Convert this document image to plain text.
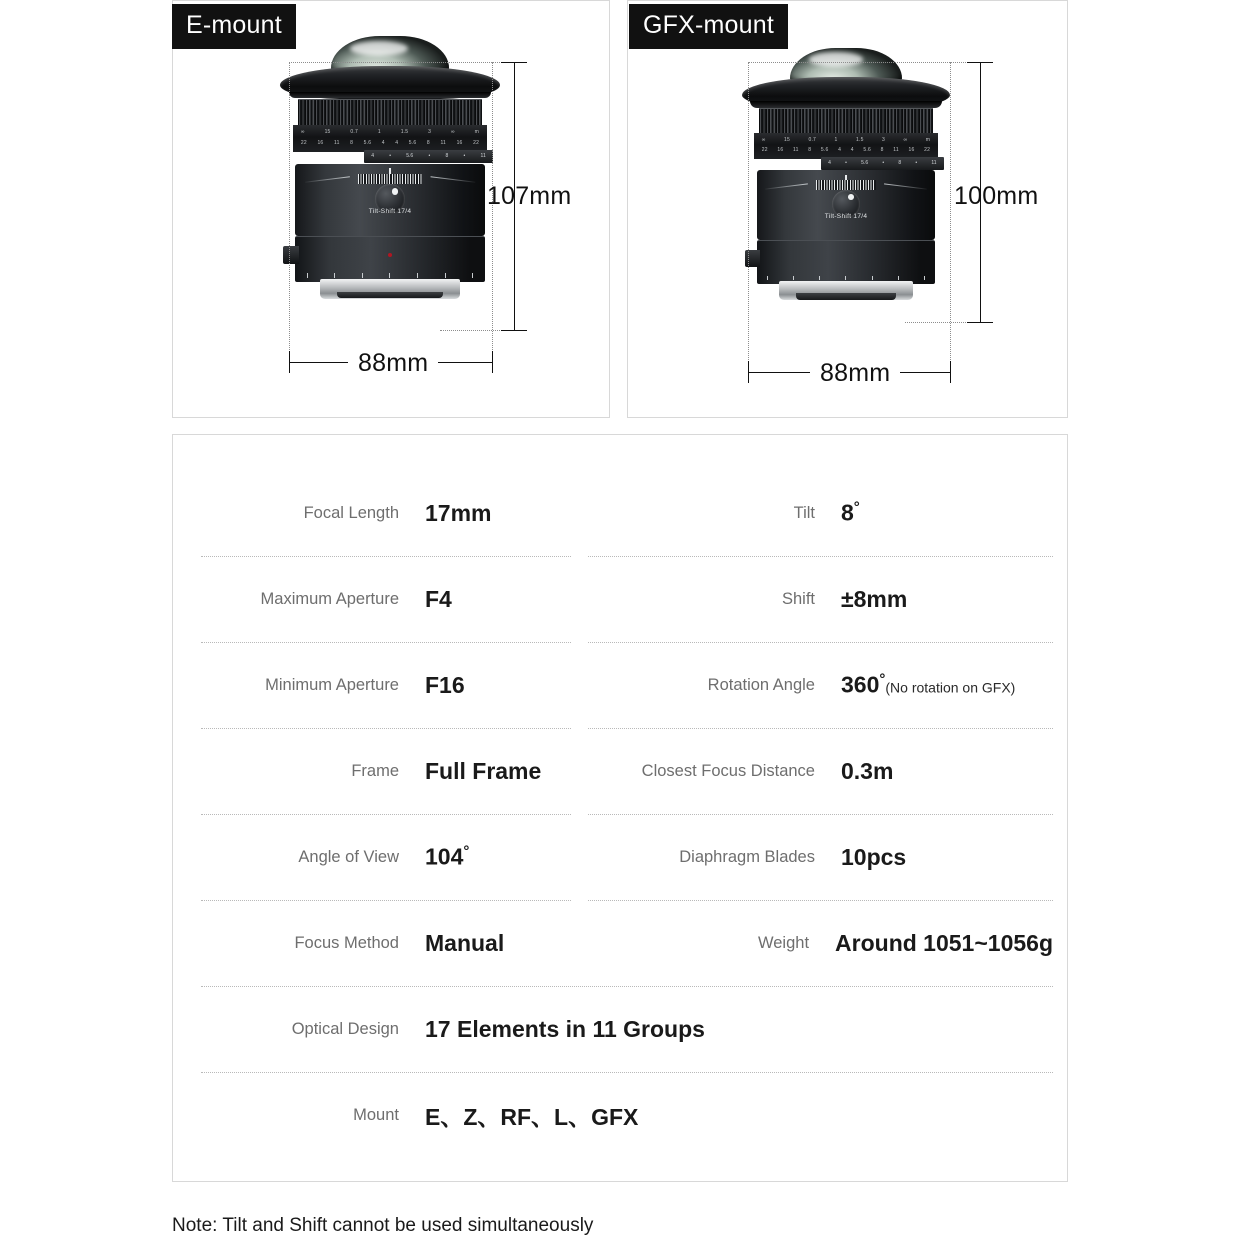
E-mount
∞	15	0.7	1	1.5	3	∞	m
22 16 11 8 5.6 4 4 5.6 8 11 16 22
4	•	5.6	•	8	•	11
Tilt-Shift 17/4
107mm
88mm
GFX-mount
∞	15	0.7	1	1.5	3	∞	m
22 16 11 8 5.6 4 4 5.6 8 11 16 22
4	•	5.6	•	8	•	11
Tilt-Shift 17/4
100mm
88mm
Focal Length 17mm	Tilt 8°
Maximum Aperture F4	Shift ±8mm
Minimum Aperture F16	Rotation Angle 360°(No rotation on GFX)
Frame Full Frame	Closest Focus Distance 0.3m
Angle of View 104°	Diaphragm Blades 10pcs
Focus Method Manual	Weight Around 1051~1056g
Optical Design 17 Elements in 11 Groups
Mount E、Z、RF、L、GFX
Note: Tilt and Shift cannot be used simultaneously
